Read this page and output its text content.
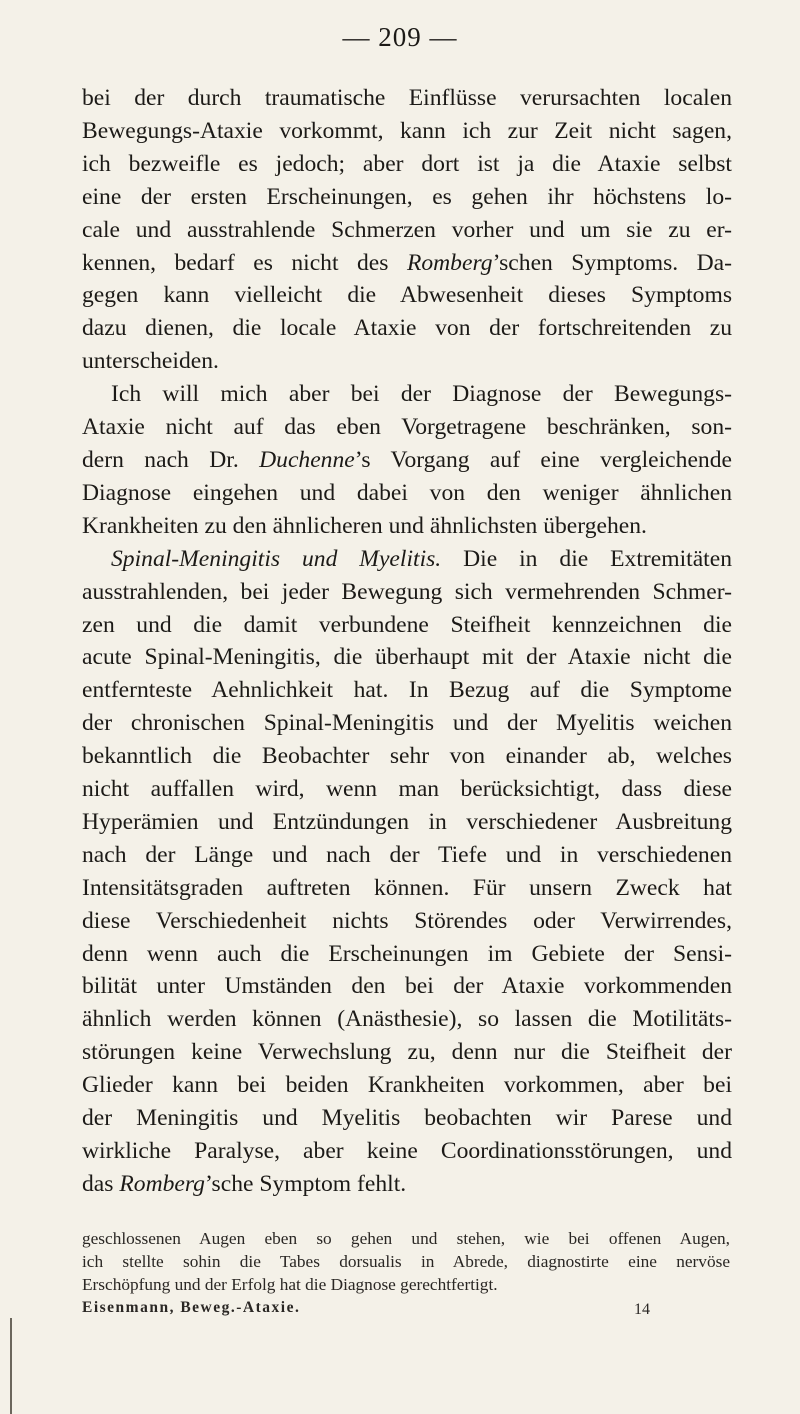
— 209 —
bei der durch traumatische Einflüsse verursachten localen
Bewegungs-Ataxie vorkommt, kann ich zur Zeit nicht sagen,
ich bezweifle es jedoch; aber dort ist ja die Ataxie selbst
eine der ersten Erscheinungen, es gehen ihr höchstens lo-
cale und ausstrahlende Schmerzen vorher und um sie zu er-
kennen, bedarf es nicht des Romberg’schen Symptoms. Da-
gegen kann vielleicht die Abwesenheit dieses Symptoms
dazu dienen, die locale Ataxie von der fortschreitenden zu
unterscheiden.
Ich will mich aber bei der Diagnose der Bewegungs-
Ataxie nicht auf das eben Vorgetragene beschränken, son-
dern nach Dr. Duchenne’s Vorgang auf eine vergleichende
Diagnose eingehen und dabei von den weniger ähnlichen
Krankheiten zu den ähnlicheren und ähnlichsten übergehen.
Spinal-Meningitis und Myelitis. Die in die Extremitäten
ausstrahlenden, bei jeder Bewegung sich vermehrenden Schmer-
zen und die damit verbundene Steifheit kennzeichnen die
acute Spinal-Meningitis, die überhaupt mit der Ataxie nicht die
entfernteste Aehnlichkeit hat. In Bezug auf die Symptome
der chronischen Spinal-Meningitis und der Myelitis weichen
bekanntlich die Beobachter sehr von einander ab, welches
nicht auffallen wird, wenn man berücksichtigt, dass diese
Hyperämien und Entzündungen in verschiedener Ausbreitung
nach der Länge und nach der Tiefe und in verschiedenen
Intensitätsgraden auftreten können. Für unsern Zweck hat
diese Verschiedenheit nichts Störendes oder Verwirrendes,
denn wenn auch die Erscheinungen im Gebiete der Sensi-
bilität unter Umständen den bei der Ataxie vorkommenden
ähnlich werden können (Anästhesie), so lassen die Motilitäts-
störungen keine Verwechslung zu, denn nur die Steifheit der
Glieder kann bei beiden Krankheiten vorkommen, aber bei
der Meningitis und Myelitis beobachten wir Parese und
wirkliche Paralyse, aber keine Coordinationsstörungen, und
das Romberg’sche Symptom fehlt.
geschlossenen Augen eben so gehen und stehen, wie bei offenen Augen,
ich stellte sohin die Tabes dorsualis in Abrede, diagnostirte eine nervöse
Erschöpfung und der Erfolg hat die Diagnose gerechtfertigt.
Eisenmann, Beweg.-Ataxie.	14
